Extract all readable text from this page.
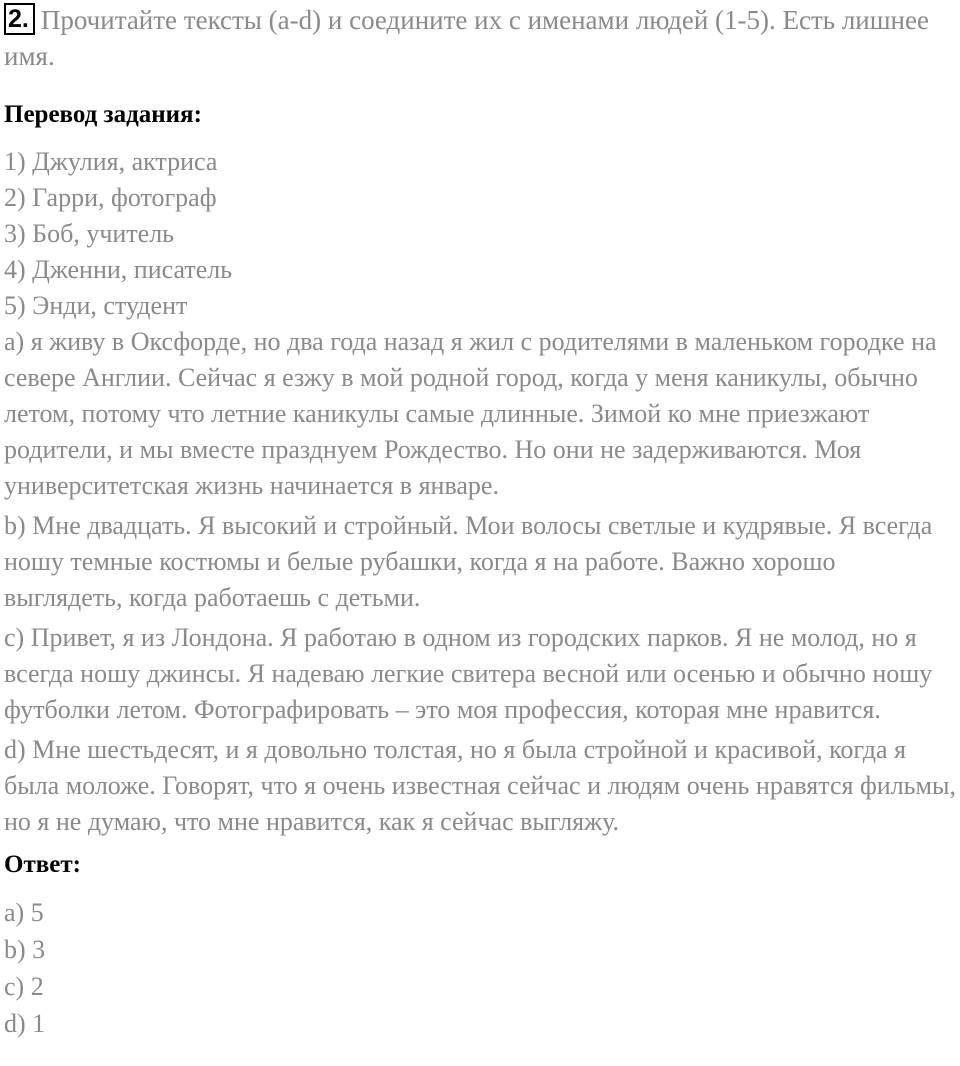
2. Прочитайте тексты (a-d) и соедините их с именами людей (1-5). Есть лишнее имя.

Перевод задания:
1) Джулия, актриса
2) Гарри, фотограф
3) Боб, учитель
4) Дженни, писатель
5) Энди, студент

a) я живу в Оксфорде, но два года назад я жил с родителями в маленьком городке на севере Англии. Сейчас я езжу в мой родной город, когда у меня каникулы, обычно летом, потому что летние каникулы самые длинные. Зимой ко мне приезжают родители, и мы вместе празднуем Рождество. Но они не задерживаются. Моя университетская жизнь начинается в январе.

b) Мне двадцать. Я высокий и стройный. Мои волосы светлые и кудрявые. Я всегда ношу темные костюмы и белые рубашки, когда я на работе. Важно хорошо выглядеть, когда работаешь с детьми.

c) Привет, я из Лондона. Я работаю в одном из городских парков. Я не молод, но я всегда ношу джинсы. Я надеваю легкие свитера весной или осенью и обычно ношу футболки летом. Фотографировать – это моя профессия, которая мне нравится.

d) Мне шестьдесят, и я довольно толстая, но я была стройной и красивой, когда я была моложе. Говорят, что я очень известная сейчас и людям очень нравятся фильмы, но я не думаю, что мне нравится, как я сейчас выгляжу.

Ответ:
a) 5
b) 3
c) 2
d) 1
